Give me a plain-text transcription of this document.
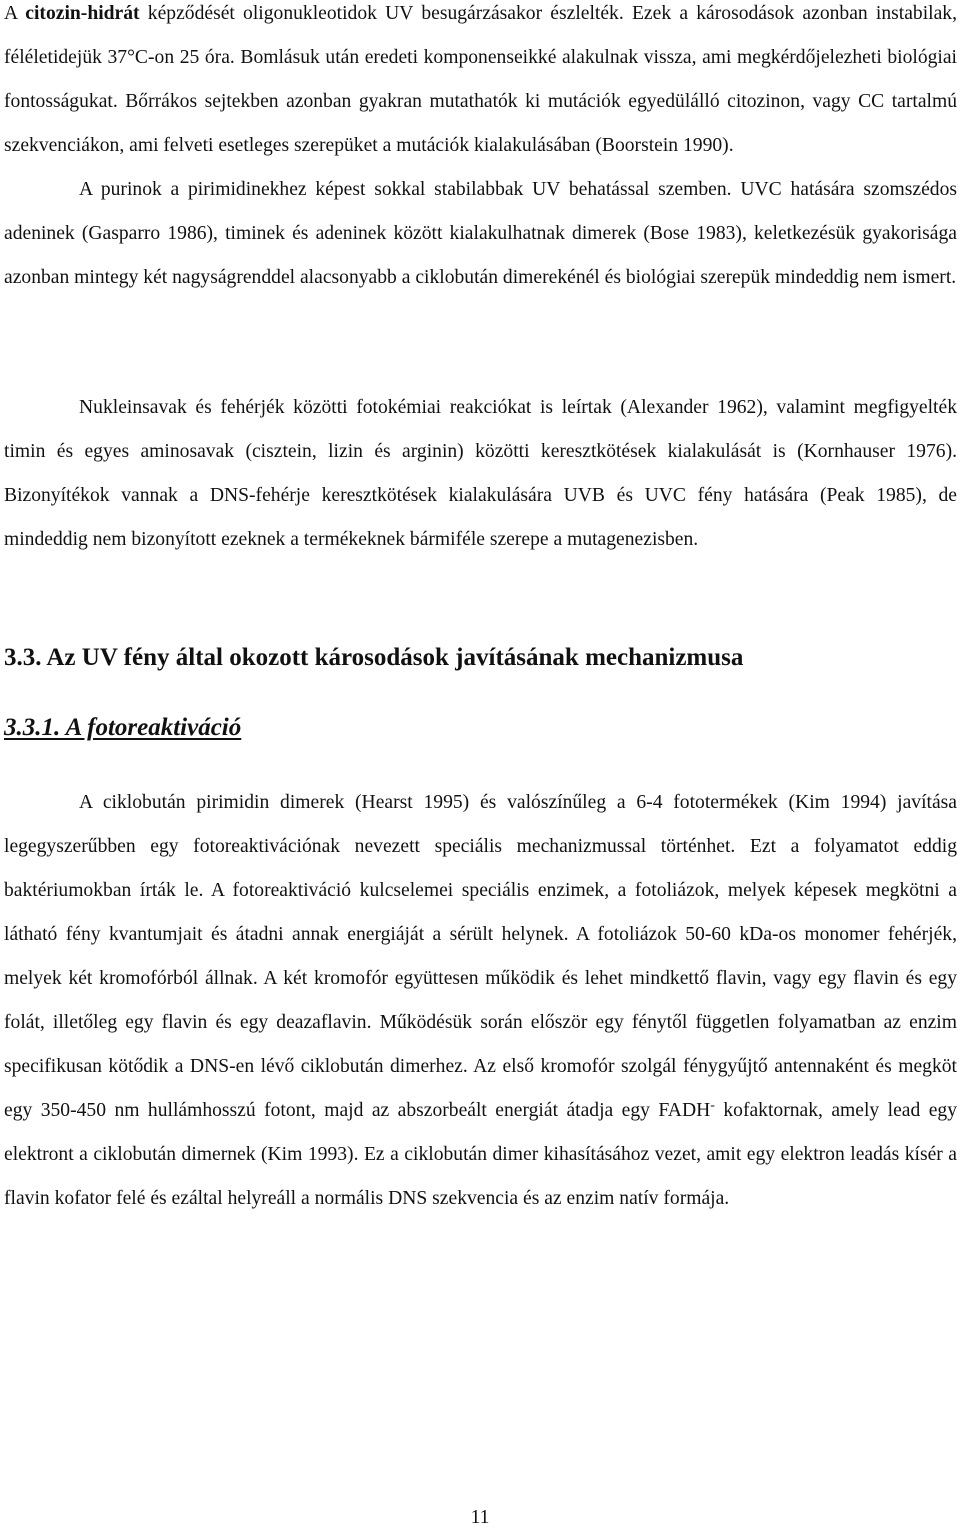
A citozin-hidrát képződését oligonukleotidok UV besugárzásakor észlelték. Ezek a károsodások azonban instabilak, féléletidejük 37°C-on 25 óra. Bomlásuk után eredeti komponenseikké alakulnak vissza, ami megkérdőjelezheti biológiai fontosságukat. Bőrrákos sejtekben azonban gyakran mutathatók ki mutációk egyedülálló citozinon, vagy CC tartalmú szekvenciákon, ami felveti esetleges szerepüket a mutációk kialakulásában (Boorstein 1990).
A purinok a pirimidinekhez képest sokkal stabilabbak UV behatással szemben. UVC hatására szomszédos adeninek (Gasparro 1986), timinek és adeninek között kialakulhatnak dimerek (Bose 1983), keletkezésük gyakorisága azonban mintegy két nagyságrenddel alacsonyabb a ciklobután dimerekénél és biológiai szerepük mindeddig nem ismert.

Nukleinsavak és fehérjék közötti fotokémiai reakciókat is leírtak (Alexander 1962), valamint megfigyelték timin és egyes aminosavak (cisztein, lizin és arginin) közötti keresztkötések kialakulását is (Kornhauser 1976). Bizonyítékok vannak a DNS-fehérje keresztkötések kialakulására UVB és UVC fény hatására (Peak 1985), de mindeddig nem bizonyított ezeknek a termékeknek bármiféle szerepe a mutagenezisben.

3.3. Az UV fény által okozott károsodások javításának mechanizmusa
3.3.1. A fotoreaktiváció

A ciklobután pirimidin dimerek (Hearst 1995) és valószínűleg a 6-4 fototermékek (Kim 1994) javítása legegyszerűbben egy fotoreaktivációnak nevezett speciális mechanizmussal történhet. Ezt a folyamatot eddig baktériumokban írták le. A fotoreaktiváció kulcselemei speciális enzimek, a fotoliázok, melyek képesek megkötni a látható fény kvantumjait és átadni annak energiáját a sérült helynek. A fotoliázok 50-60 kDa-os monomer fehérjék, melyek két kromofórból állnak. A két kromofór együttesen működik és lehet mindkettő flavin, vagy egy flavin és egy folát, illetőleg egy flavin és egy deazaflavin. Működésük során először egy fénytől független folyamatban az enzim specifikusan kötődik a DNS-en lévő ciklobután dimerhez. Az első kromofór szolgál fénygyűjtő antennaként és megköt egy 350-450 nm hullámhosszú fotont, majd az abszorbeált energiát átadja egy FADH- kofaktornak, amely lead egy elektront a ciklobután dimernek (Kim 1993). Ez a ciklobután dimer kihasításához vezet, amit egy elektron leadás kísér a flavin kofator felé és ezáltal helyreáll a normális DNS szekvencia és az enzim natív formája.

11
